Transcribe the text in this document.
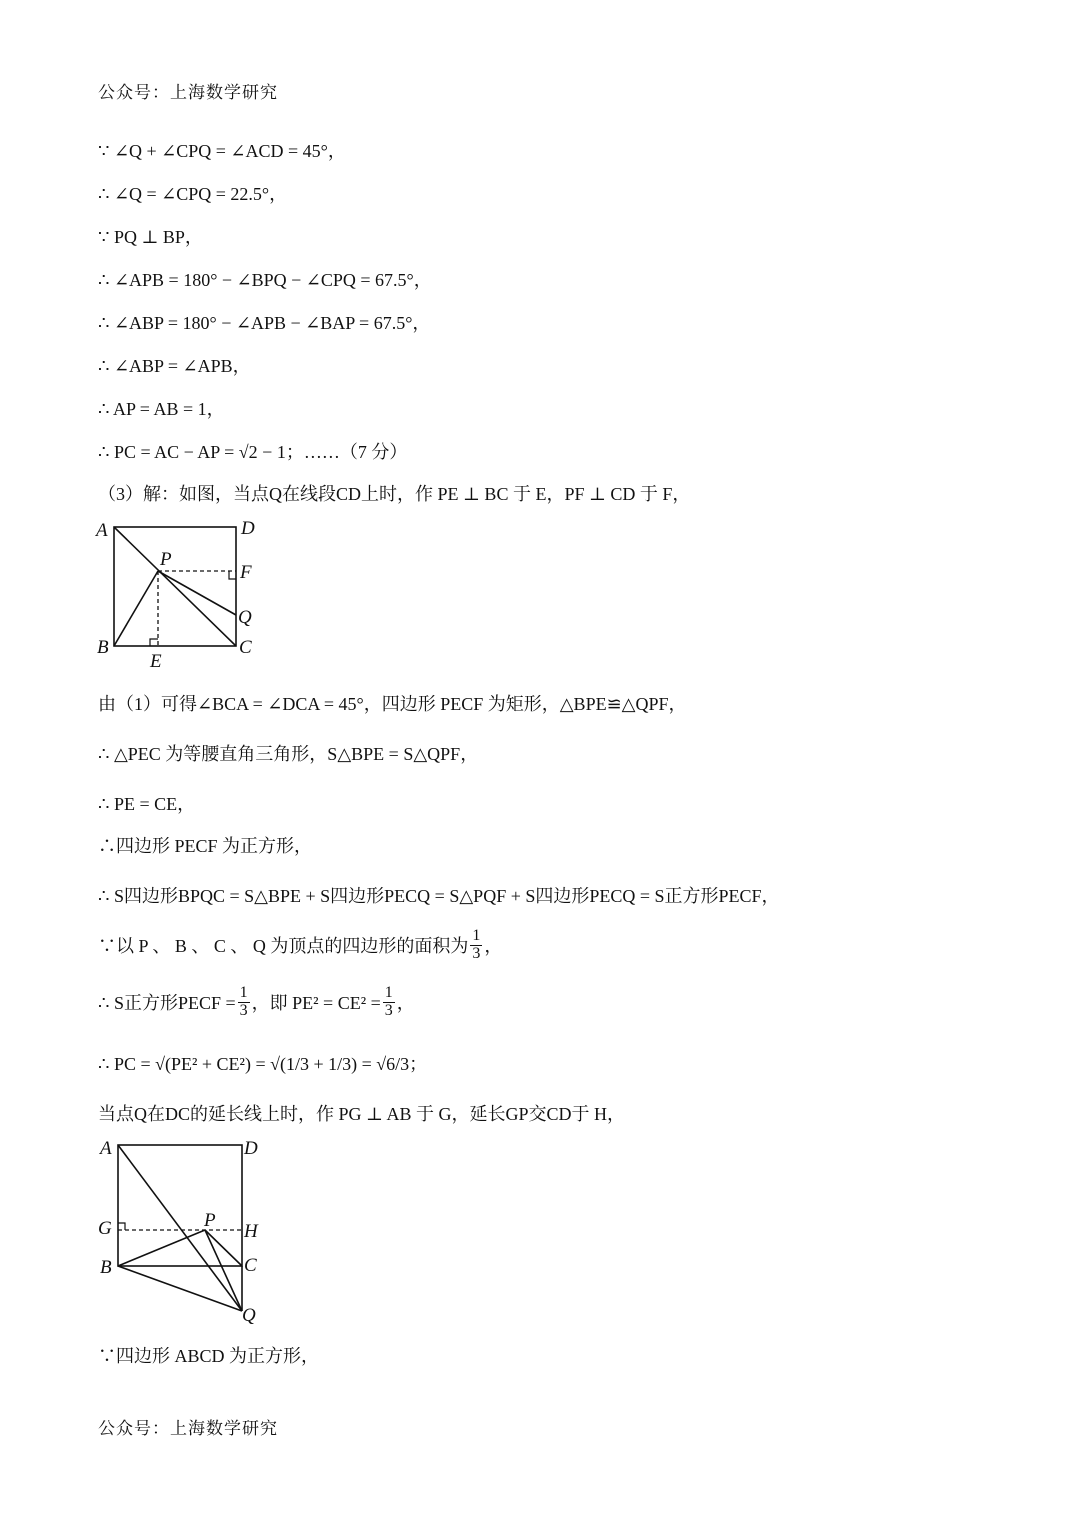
公众号：上海数学研究
∵ ∠Q + ∠CPQ = ∠ACD = 45°，
∴ ∠Q = ∠CPQ = 22.5°，
∵ PQ ⊥ BP，
∴ ∠APB = 180° − ∠BPQ − ∠CPQ = 67.5°，
∴ ∠ABP = 180° − ∠APB − ∠BAP = 67.5°，
∴ ∠ABP = ∠APB，
∴ AP = AB = 1，
∴ PC = AC − AP = √2 − 1；……（7 分）
（3）解：如图，当点Q在线段CD上时，作 PE ⊥ BC 于 E，PF ⊥ CD 于 F，
A	D
P
F
Q
B	C
E
由（1）可得∠BCA = ∠DCA = 45°，四边形 PECF 为矩形，△BPE≌△QPF，
∴ △PEC 为等腰直角三角形，S△BPE = S△QPF，
∴ PE = CE，
∴四边形 PECF 为正方形，
∴ S四边形BPQC = S△BPE + S四边形PECQ = S△PQF + S四边形PECQ = S正方形PECF，
∵以 P 、 B 、 C 、 Q 为顶点的四边形的面积为 $\frac{1}{3}$ ，
∴ S正方形PECF = $\frac{1}{3}$ ，即 $PE^2 = CE^2 = \frac{1}{3}$ ，
∴ PC = √(PE² + CE²) = √(1/3 + 1/3) = √6/3；
当点Q在DC的延长线上时，作 PG ⊥ AB 于 G，延长GP交CD于 H，
A	D
G	P
H
B	C
Q
∵四边形 ABCD 为正方形，
公众号：上海数学研究
